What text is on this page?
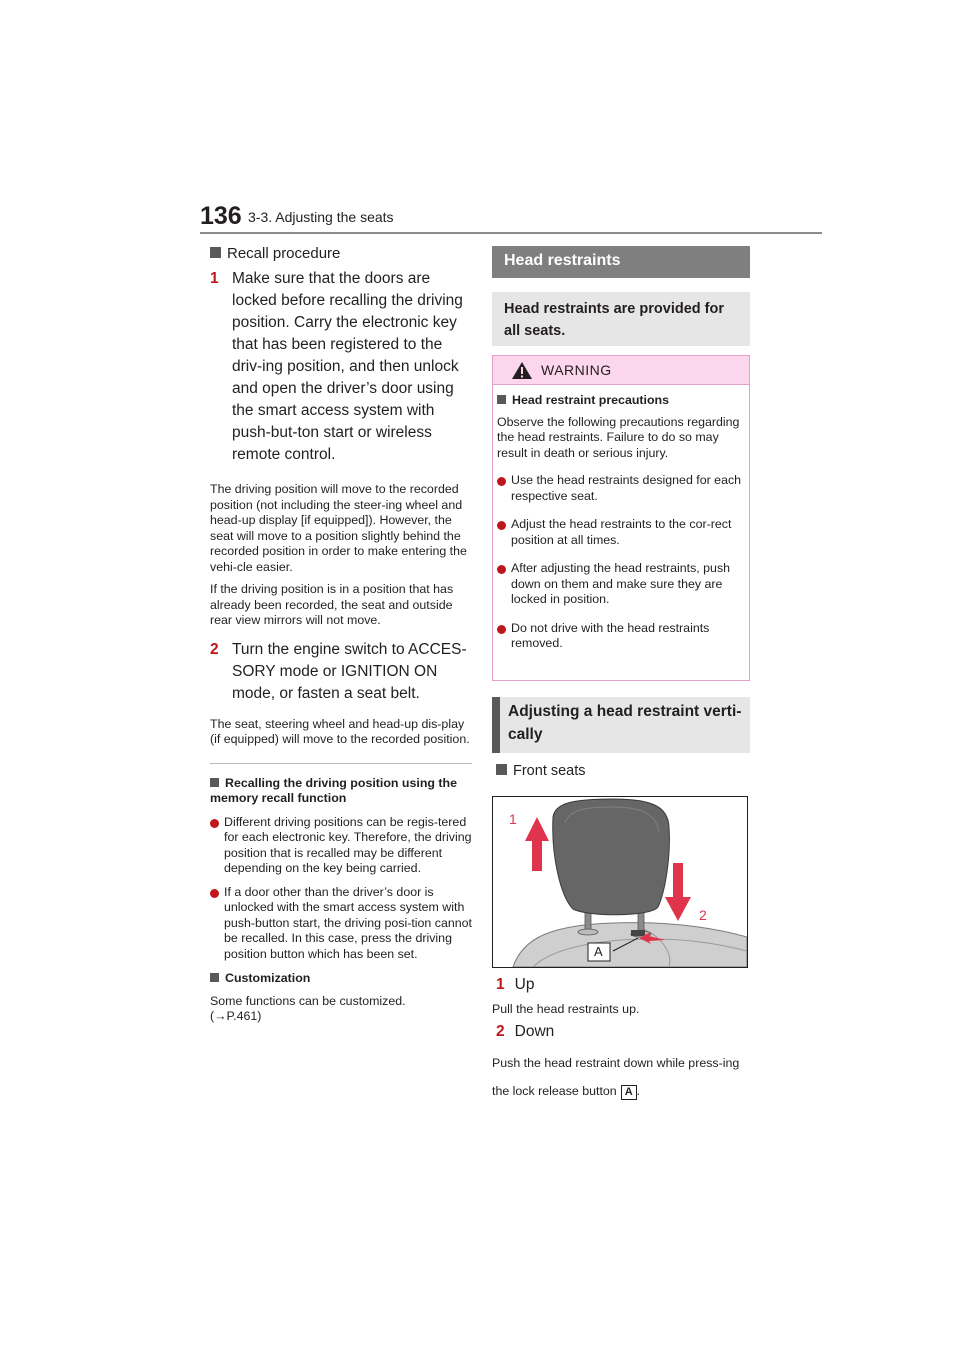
136 3-3. Adjusting the seats
Recall procedure
1 Make sure that the doors are locked before recalling the driving position. Carry the electronic key that has been registered to the driv-ing position, and then unlock and open the driver’s door using the smart access system with push-but-ton start or wireless remote control.
The driving position will move to the recorded position (not including the steer-ing wheel and head-up display [if equipped]). However, the seat will move to a position slightly behind the recorded position in order to make entering the vehi-cle easier.
If the driving position is in a position that has already been recorded, the seat and outside rear view mirrors will not move.
2 Turn the engine switch to ACCES-SORY mode or IGNITION ON mode, or fasten a seat belt.
The seat, steering wheel and head-up dis-play (if equipped) will move to the recorded position.
Recalling the driving position using the memory recall function
Different driving positions can be regis-tered for each electronic key. Therefore, the driving position that is recalled may be different depending on the key being carried.
If a door other than the driver’s door is unlocked with the smart access system with push-button start, the driving posi-tion cannot be recalled. In this case, press the driving position button which has been set.
Customization
Some functions can be customized.
(→P.461)
Head restraints
Head restraints are provided for all seats.
WARNING
Head restraint precautions
Observe the following precautions regarding the head restraints. Failure to do so may result in death or serious injury.
Use the head restraints designed for each respective seat.
Adjust the head restraints to the cor-rect position at all times.
After adjusting the head restraints, push down on them and make sure they are locked in position.
Do not drive with the head restraints removed.
Adjusting a head restraint verti-cally
Front seats
1
2
A
1 Up
Pull the head restraints up.
2 Down
Push the head restraint down while press-ing the lock release button A .
